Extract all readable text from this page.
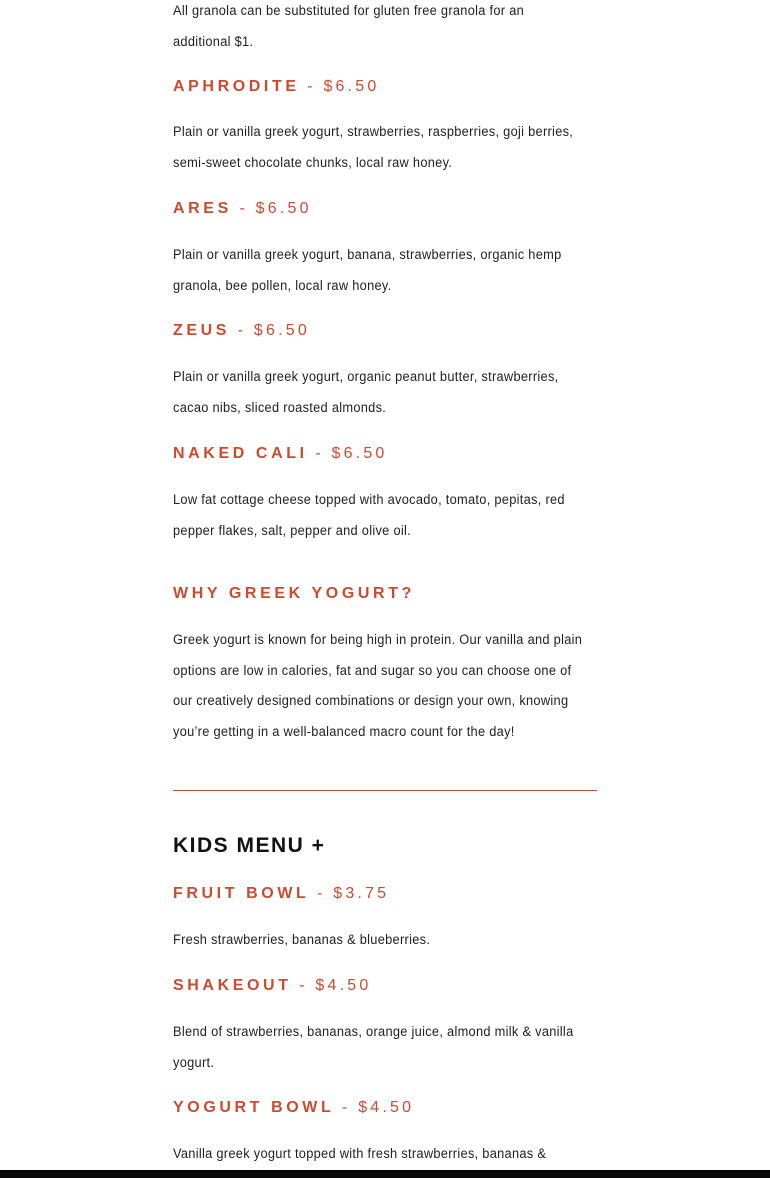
All granola can be substituted for gluten free granola for an additional $1.

APHRODITE - $6.50

Plain or vanilla greek yogurt, strawberries, raspberries, goji berries, semi-sweet chocolate chunks, local raw honey.

ARES - $6.50

Plain or vanilla greek yogurt, banana, strawberries, organic hemp granola, bee pollen, local raw honey.

ZEUS - $6.50

Plain or vanilla greek yogurt, organic peanut butter, strawberries, cacao nibs, sliced roasted almonds.

NAKED CALI - $6.50

Low fat cottage cheese topped with avocado, tomato, pepitas, red pepper flakes, salt, pepper and olive oil.

WHY GREEK YOGURT?

Greek yogurt is known for being high in protein. Our vanilla and plain options are low in calories, fat and sugar so you can choose one of our creatively designed combinations or design your own, knowing you’re getting in a well-balanced macro count for the day!

KIDS MENU +
FRUIT BOWL - $3.75

Fresh strawberries, bananas & blueberries.

SHAKEOUT - $4.50

Blend of strawberries, bananas, orange juice, almond milk & vanilla yogurt.

YOGURT BOWL - $4.50

Vanilla greek yogurt topped with fresh strawberries, bananas &
